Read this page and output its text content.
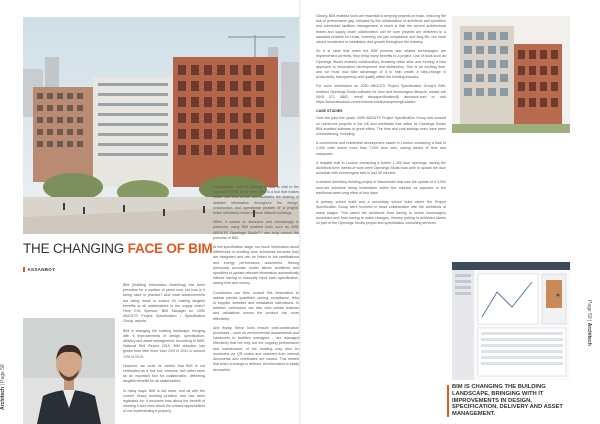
Architech | Page 58
THE CHANGING FACE OF BIM
ASSANBOY

BIM (Building Information Modelling) has been prevalent for a number of years now, but how is it being used in practice? And what advancements are being made to ensure it's making tangible benefits to all stakeholders in the supply chain? Here Eric Spencer, BIM Manager for 2050 ABOUTS Project Specification / Specification Group, reports.

BIM is changing the building landscape, bringing with it improvements in design, specification, delivery and asset management. According to NBS' National BIM Report 2019, BIM adoption has grown from little more than 13% in 2011 to around 73% in 2019.

However, we must be careful that BIM is not celebrated as a 'tick box' exercise, but rather seen as an important tool for collaboration, delivering tangible benefits for all stakeholders.

In many ways, BIM is old news, and as with the current heavy building practice that has been legislated for, it becomes less about the benefit of meeting it and more about the missed opportunities of not implementing it properly.

Collaboration and the sharing of data is vital to the success of BIM. At its heart, BIM is a tool that makes easier and less at-risk and facilitates the sharing of detailed information throughout the design, construction and operational phases of a project, which ultimately results in more efficient buildings.

When it comes to decisions and increasingly in particular, using BIM enabled tools such as 2050 ABOUTS Openings Studio™ can truly unlock the potential of BIM.

At the specification stage, too much information about differences in creating door schedules because they are integrated and can be linked to the certifications and energy performance documents. Having previously accurate model allows architects and specifiers to update relevant information automatically without having to manually input each specification, saving time and money.

Contractors can then consult this information to assess precise quantities, pricing, compliance, links to supplier websites and installation instructions. In addition, contractors can also view certain features and validations across the product mix more effectively.

And finally, these tools ensure post-construction processes – such as environmental assessments and handovers to facilities managers – are managed effectively that not only, but the ongoing performance and maintenance of the building may also be monitored via QR codes and scanned from internal documents and certificates are issued. This means that when a change is defined, all information is easily accessible.

Clearly, BIM-enabled tools are essential to keeping projects on track, reducing the risk of performance gap, followed by the collaboration of architects and specifiers and connected facilities management. A result is that the current architectural teams and supply chain collaboration can be sure projects are delivered to a standard suitable for reuse, ensuring not just compliance and long life, but more robust investment in installation and growth throughout the industry.

So it is clear that when the BIM process and related technologies are implemented correctly, they bring many benefits to a project. Use of tools such as Openings Studio enables collaboration, breaking down silos and forming a new approach to information development and distribution. This is an exciting time, and we must now take advantage of it to help create a step-change in productivity, transparency and quality within the building industry.

For more information on 2050 ABOUTS Project Specification Group's BIM-enabled Openings Studio software for door and ironmongery lifecycle, please call 0845 071 0882, email abuyspecification@ aboutsuk.com or visit https://www.aboutsuk.com/en/doors-solutions/openings-studio/

CASE STUDIES

Over the past five years, 2050 ABOUTS Project Specification Group has worked on numerous projects in the UK and worldwide that utilise its Openings Studio BIM-enabled software to great effect. The time and cost savings seen have been overwhelming, including:

A commercial and residential development based in London containing a total of 1,000 units where more than 7,000 door sets, saving weeks of time and manpower.

A hospital built in London containing a further 1,400 door openings, saving the architects time; weeks of work were Openings Studio was able to update the door schedule with ironmongery sets in just 40 minutes.

A student dormitory building project in Manchester that saw the update of a 3,500 door-set schedule being undertaken within five minutes as opposed to the traditional week-long effort of four days.

A primary school build and a secondary school build where the Project Specification Group were involved in close collaboration with the architects of many stages. This saved the architects from having to revise ironmongery schedules and from having to make changes, thereby putting in achieved clients on part of the Openings Studio project and specification consulting services.

BIM IS CHANGING THE BUILDING LANDSCAPE, BRINGING WITH IT IMPROVEMENTS IN DESIGN, SPECIFICATION, DELIVERY AND ASSET MANAGEMENT.
Page 59 | Architech
